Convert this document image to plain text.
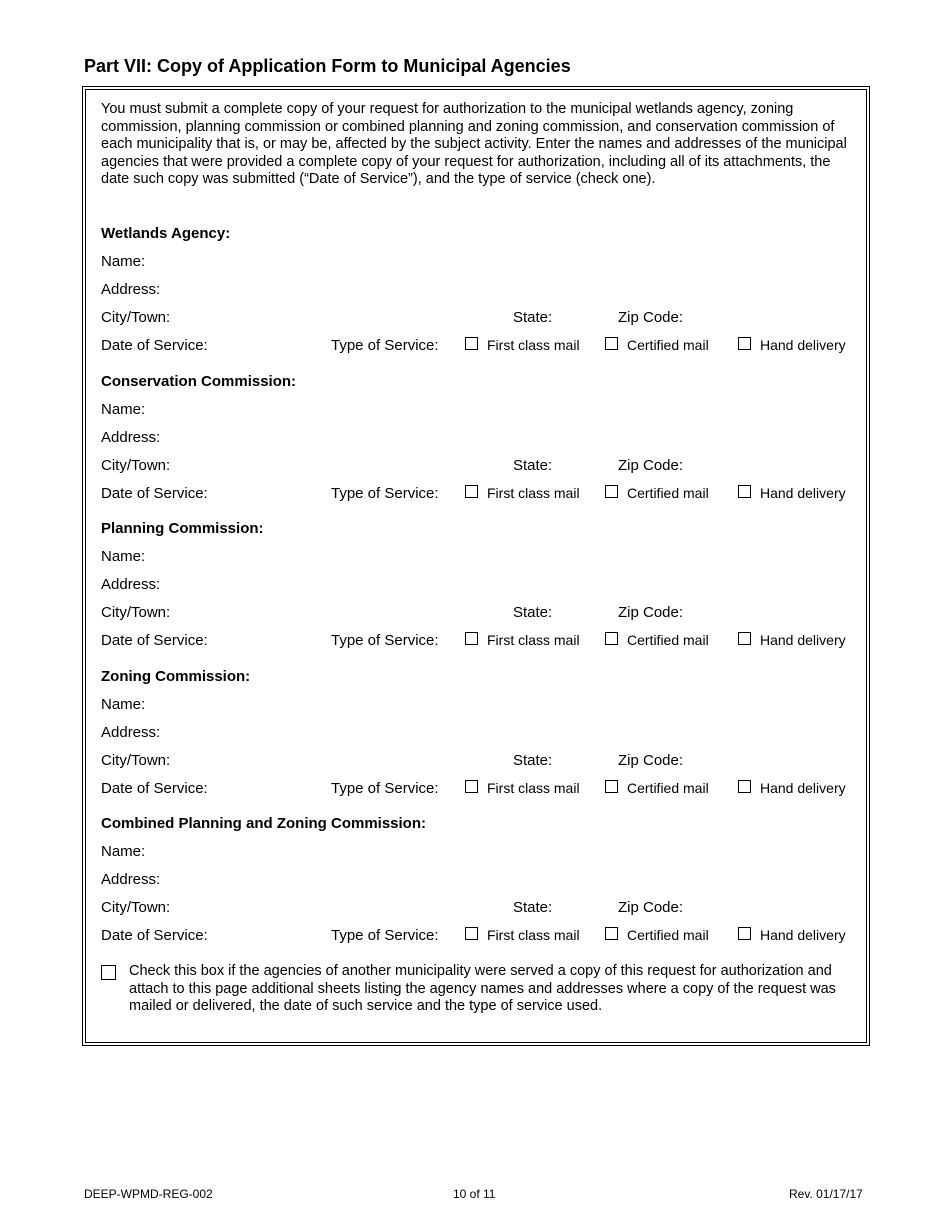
Part VII: Copy of Application Form to Municipal Agencies
You must submit a complete copy of your request for authorization to the municipal wetlands agency, zoning commission, planning commission or combined planning and zoning commission, and conservation commission of each municipality that is, or may be, affected by the subject activity. Enter the names and addresses of the municipal agencies that were provided a complete copy of your request for authorization, including all of its attachments, the date such copy was submitted (“Date of Service”), and the type of service (check one).
Wetlands Agency:
Name:
Address:
City/Town:	State:	Zip Code:
Date of Service:	Type of Service:	First class mail	Certified mail	Hand delivery
Conservation Commission:
Name:
Address:
City/Town:	State:	Zip Code:
Date of Service:	Type of Service:	First class mail	Certified mail	Hand delivery
Planning Commission:
Name:
Address:
City/Town:	State:	Zip Code:
Date of Service:	Type of Service:	First class mail	Certified mail	Hand delivery
Zoning Commission:
Name:
Address:
City/Town:	State:	Zip Code:
Date of Service:	Type of Service:	First class mail	Certified mail	Hand delivery
Combined Planning and Zoning Commission:
Name:
Address:
City/Town:	State:	Zip Code:
Date of Service:	Type of Service:	First class mail	Certified mail	Hand delivery
Check this box if the agencies of another municipality were served a copy of this request for authorization and attach to this page additional sheets listing the agency names and addresses where a copy of the request was mailed or delivered, the date of such service and the type of service used.
DEEP-WPMD-REG-002	10 of 11	Rev. 01/17/17
